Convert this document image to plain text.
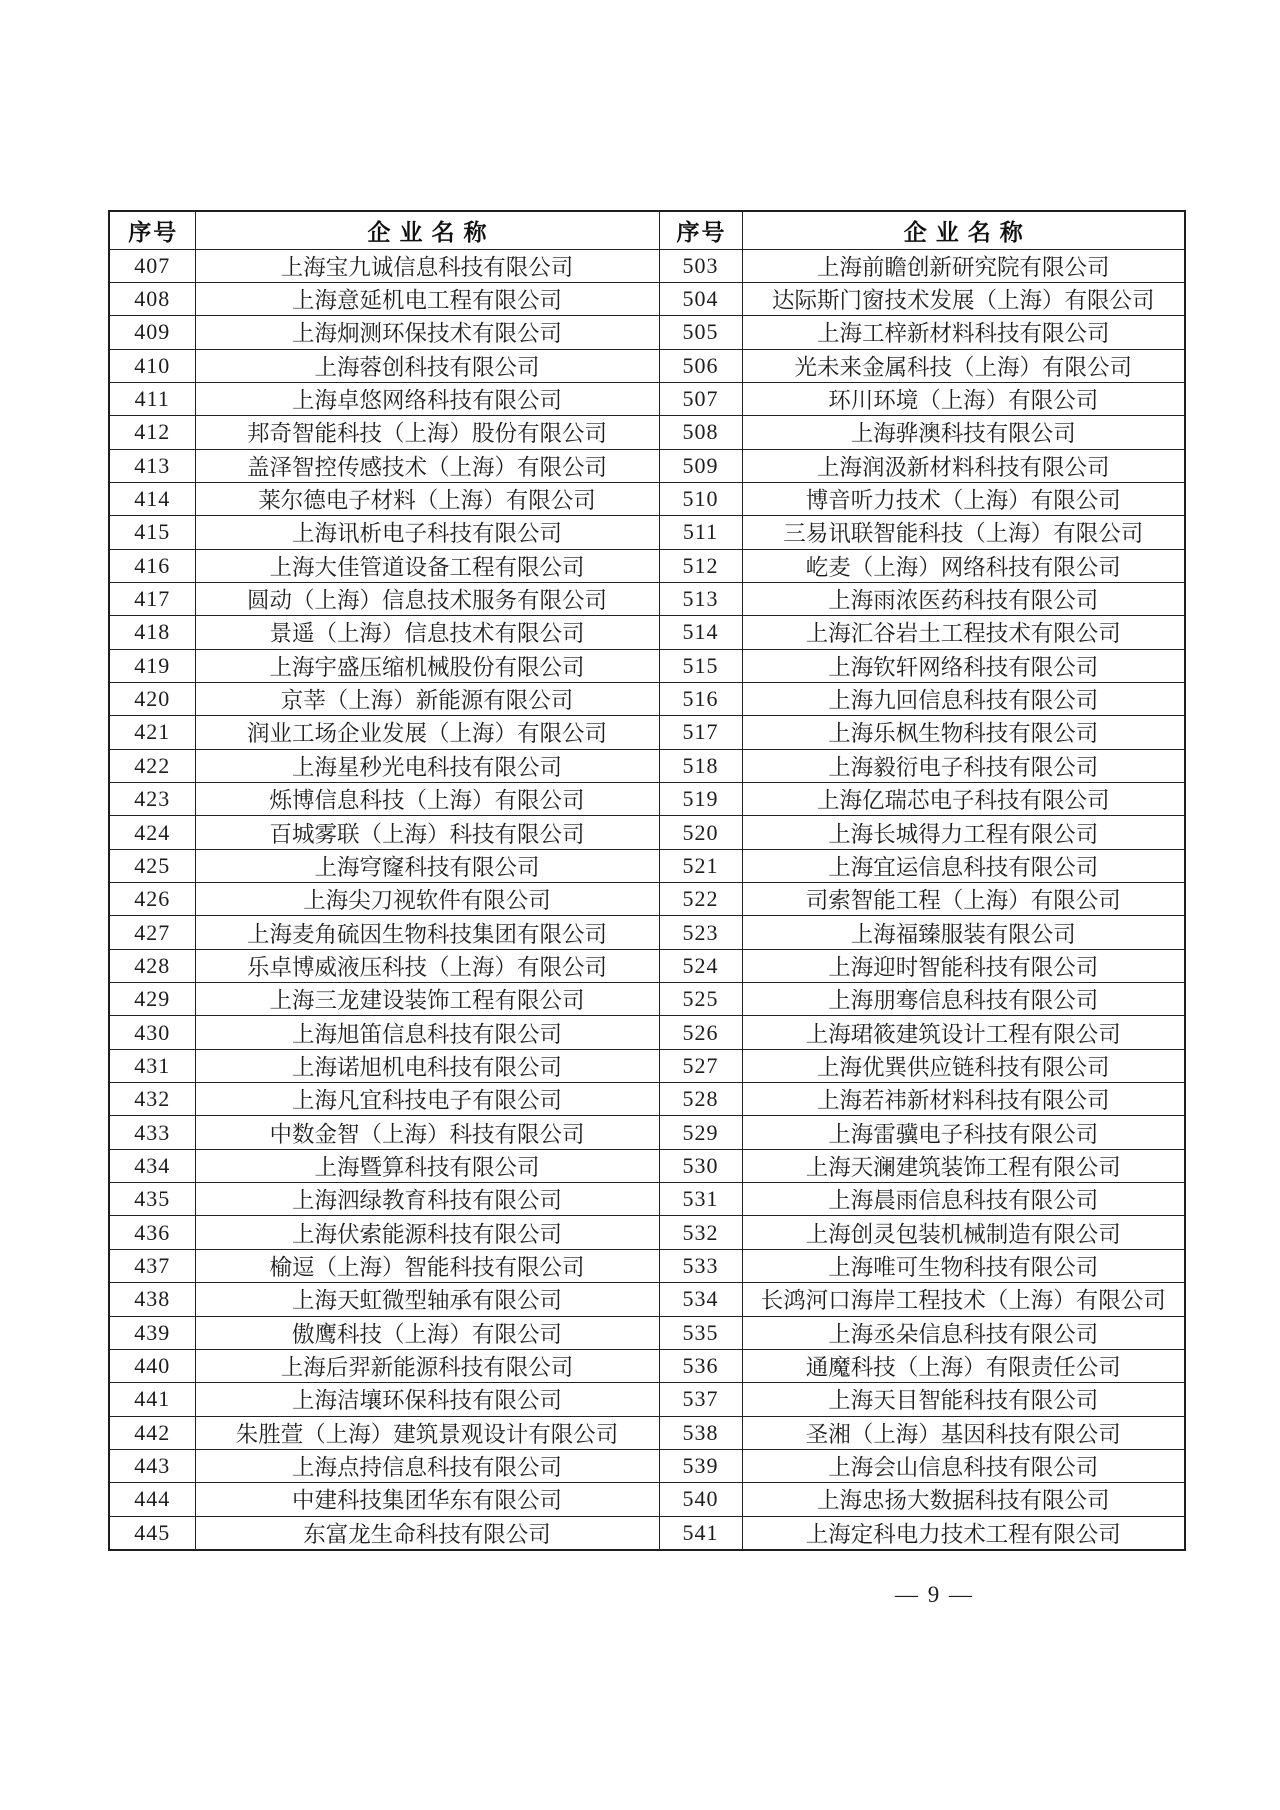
序号	企业名称	序号	企业名称
407	上海宝九诚信息科技有限公司	503	上海前瞻创新研究院有限公司
408	上海意延机电工程有限公司	504	达际斯门窗技术发展（上海）有限公司
409	上海炯测环保技术有限公司	505	上海工梓新材料科技有限公司
410	上海蓉创科技有限公司	506	光未来金属科技（上海）有限公司
411	上海卓悠网络科技有限公司	507	环川环境（上海）有限公司
412	邦奇智能科技（上海）股份有限公司	508	上海骅澳科技有限公司
413	盖泽智控传感技术（上海）有限公司	509	上海润汲新材料科技有限公司
414	莱尔德电子材料（上海）有限公司	510	博音听力技术（上海）有限公司
415	上海讯析电子科技有限公司	511	三易讯联智能科技（上海）有限公司
416	上海大佳管道设备工程有限公司	512	屹麦（上海）网络科技有限公司
417	圆动（上海）信息技术服务有限公司	513	上海雨浓医药科技有限公司
418	景遥（上海）信息技术有限公司	514	上海汇谷岩土工程技术有限公司
419	上海宇盛压缩机械股份有限公司	515	上海钦轩网络科技有限公司
420	京莘（上海）新能源有限公司	516	上海九回信息科技有限公司
421	润业工场企业发展（上海）有限公司	517	上海乐枫生物科技有限公司
422	上海星秒光电科技有限公司	518	上海毅衍电子科技有限公司
423	烁博信息科技（上海）有限公司	519	上海亿瑞芯电子科技有限公司
424	百城雾联（上海）科技有限公司	520	上海长城得力工程有限公司
425	上海穹窿科技有限公司	521	上海宜运信息科技有限公司
426	上海尖刀视软件有限公司	522	司索智能工程（上海）有限公司
427	上海麦角硫因生物科技集团有限公司	523	上海福臻服装有限公司
428	乐卓博威液压科技（上海）有限公司	524	上海迎时智能科技有限公司
429	上海三龙建设装饰工程有限公司	525	上海朋骞信息科技有限公司
430	上海旭笛信息科技有限公司	526	上海珺筱建筑设计工程有限公司
431	上海诺旭机电科技有限公司	527	上海优巽供应链科技有限公司
432	上海凡宜科技电子有限公司	528	上海若祎新材料科技有限公司
433	中数金智（上海）科技有限公司	529	上海雷骥电子科技有限公司
434	上海暨算科技有限公司	530	上海天澜建筑装饰工程有限公司
435	上海泗绿教育科技有限公司	531	上海晨雨信息科技有限公司
436	上海伏索能源科技有限公司	532	上海创灵包装机械制造有限公司
437	榆逗（上海）智能科技有限公司	533	上海唯可生物科技有限公司
438	上海天虹微型轴承有限公司	534	长鸿河口海岸工程技术（上海）有限公司
439	傲鹰科技（上海）有限公司	535	上海丞朵信息科技有限公司
440	上海后羿新能源科技有限公司	536	通魔科技（上海）有限责任公司
441	上海洁壤环保科技有限公司	537	上海天目智能科技有限公司
442	朱胜萱（上海）建筑景观设计有限公司	538	圣湘（上海）基因科技有限公司
443	上海点持信息科技有限公司	539	上海会山信息科技有限公司
444	中建科技集团华东有限公司	540	上海忠扬大数据科技有限公司
445	东富龙生命科技有限公司	541	上海定科电力技术工程有限公司
— 9 —
